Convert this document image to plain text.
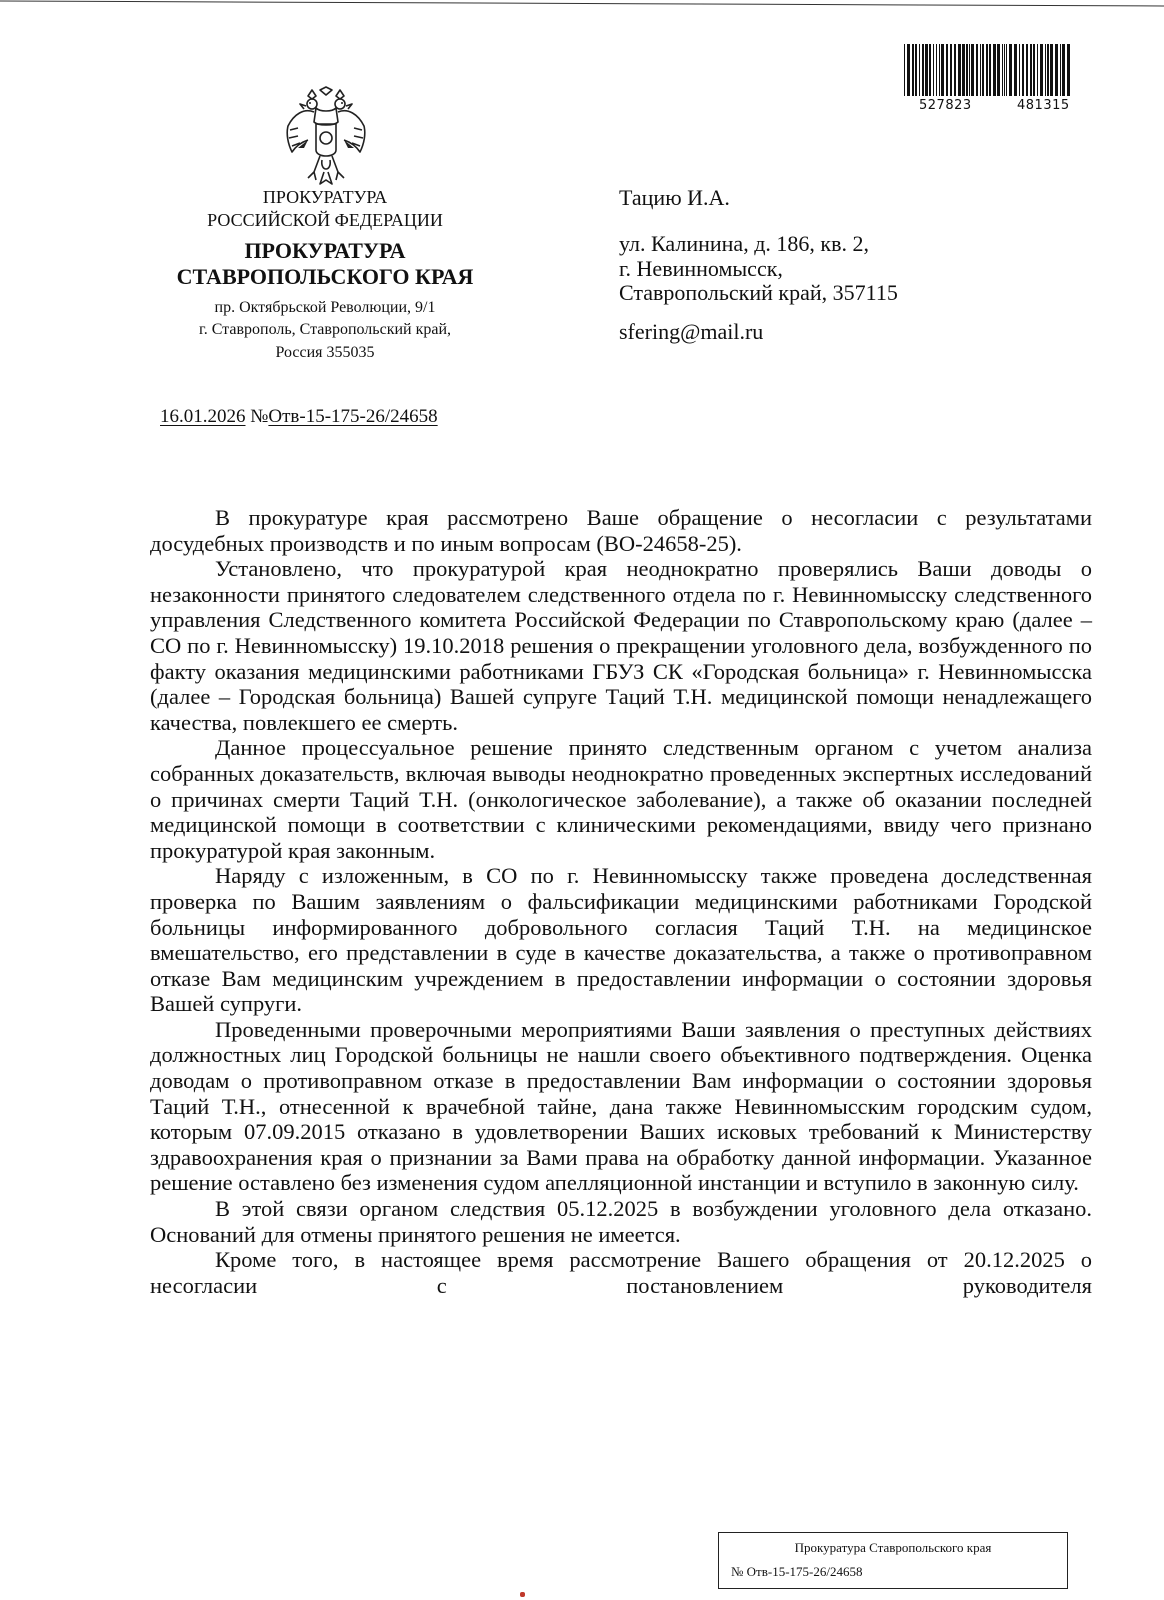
527823	481315
ПРОКУРАТУРА
РОССИЙСКОЙ ФЕДЕРАЦИИ
ПРОКУРАТУРА
СТАВРОПОЛЬСКОГО КРАЯ
пр. Октябрьской Революции, 9/1
г. Ставрополь, Ставропольский край,
Россия 355035
16.01.2026 №Отв-15-175-26/24658
Тацию И.А.
ул. Калинина, д. 186, кв. 2,
г. Невинномысск,
Ставропольский край, 357115
sfering@mail.ru

В прокуратуре края рассмотрено Ваше обращение о несогласии с результатами досудебных производств и по иным вопросам (ВО-24658-25).

Установлено, что прокуратурой края неоднократно проверялись Ваши доводы о незаконности принятого следователем следственного отдела по г. Невинномысску следственного управления Следственного комитета Российской Федерации по Ставропольскому краю (далее – СО по г. Невинномысску) 19.10.2018 решения о прекращении уголовного дела, возбужденного по факту оказания медицинскими работниками ГБУЗ СК «Городская больница» г. Невинномысска (далее – Городская больница) Вашей супруге Таций Т.Н. медицинской помощи ненадлежащего качества, повлекшего ее смерть.

Данное процессуальное решение принято следственным органом с учетом анализа собранных доказательств, включая выводы неоднократно проведенных экспертных исследований о причинах смерти Таций Т.Н. (онкологическое заболевание), а также об оказании последней медицинской помощи в соответствии с клиническими рекомендациями, ввиду чего признано прокуратурой края законным.

Наряду с изложенным, в СО по г. Невинномысску также проведена доследственная проверка по Вашим заявлениям о фальсификации медицинскими работниками Городской больницы информированного добровольного согласия Таций Т.Н. на медицинское вмешательство, его представлении в суде в качестве доказательства, а также о противоправном отказе Вам медицинским учреждением в предоставлении информации о состоянии здоровья Вашей супруги.

Проведенными проверочными мероприятиями Ваши заявления о преступных действиях должностных лиц Городской больницы не нашли своего объективного подтверждения. Оценка доводам о противоправном отказе в предоставлении Вам информации о состоянии здоровья Таций Т.Н., отнесенной к врачебной тайне, дана также Невинномысским городским судом, которым 07.09.2015 отказано в удовлетворении Ваших исковых требований к Министерству здравоохранения края о признании за Вами права на обработку данной информации. Указанное решение оставлено без изменения судом апелляционной инстанции и вступило в законную силу.

В этой связи органом следствия 05.12.2025 в возбуждении уголовного дела отказано. Оснований для отмены принятого решения не имеется.

Кроме того, в настоящее время рассмотрение Вашего обращения от 20.12.2025 о несогласии с постановлением руководителя

Прокуратура Ставропольского края
№ Отв-15-175-26/24658
